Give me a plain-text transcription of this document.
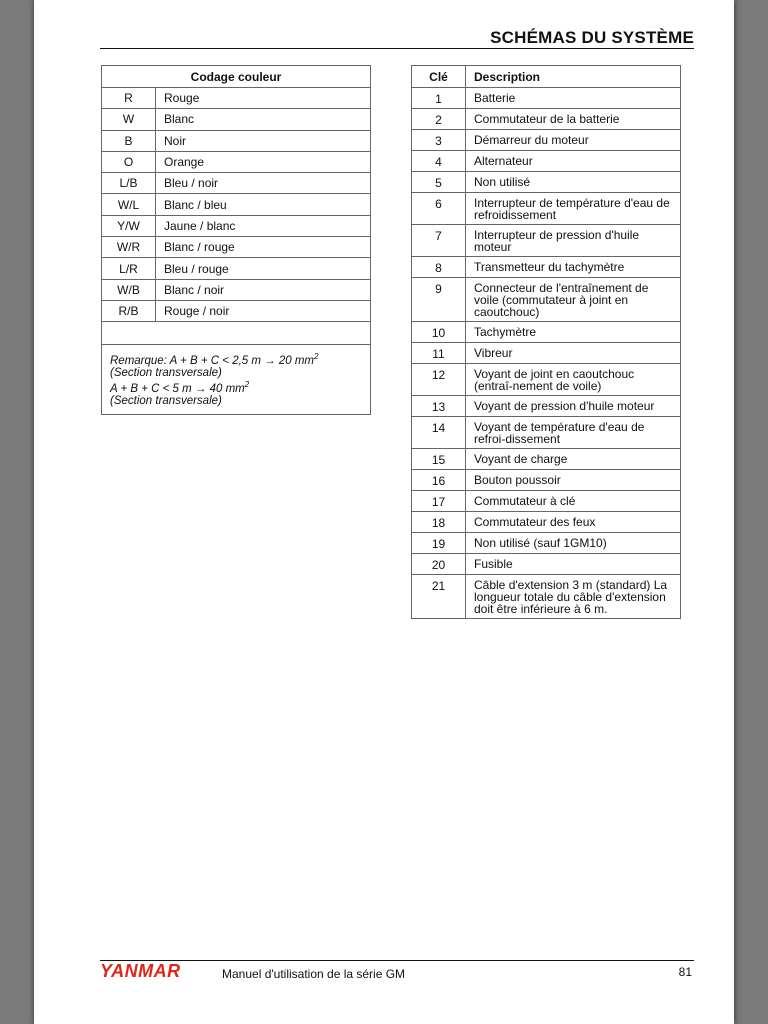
SCHÉMAS DU SYSTÈME
Codage couleur	
R	Rouge
W	Blanc
B	Noir
O	Orange
L/B	Bleu / noir
W/L	Blanc / bleu
Y/W	Jaune / blanc
W/R	Blanc / rouge
L/R	Bleu / rouge
W/B	Blanc / noir
R/B	Rouge / noir

Remarque: A + B + C < 2,5 m → 20 $mm^2$
(Section transversale)
A + B + C < 5 m → 40 $mm^2$
(Section transversale)	
Clé	Description
1	Batterie
2	Commutateur de la batterie
3	Démarreur du moteur
4	Alternateur
5	Non utilisé
6	Interrupteur de température d'eau de refroidissement
7	Interrupteur de pression d'huile moteur
8	Transmetteur du tachymètre
9	Connecteur de l'entraînement de voile (commutateur à joint en caoutchouc)
10	Tachymètre
11	Vibreur
12	Voyant de joint en caoutchouc (entraî-nement de voile)
13	Voyant de pression d'huile moteur
14	Voyant de température d'eau de refroi-dissement
15	Voyant de charge
16	Bouton poussoir
17	Commutateur à clé
18	Commutateur des feux
19	Non utilisé (sauf 1GM10)
20	Fusible
21	Câble d'extension 3 m (standard) La longueur totale du câble d'extension doit être inférieure à 6 m.
YANMAR	Manuel d'utilisation de la série GM	81
